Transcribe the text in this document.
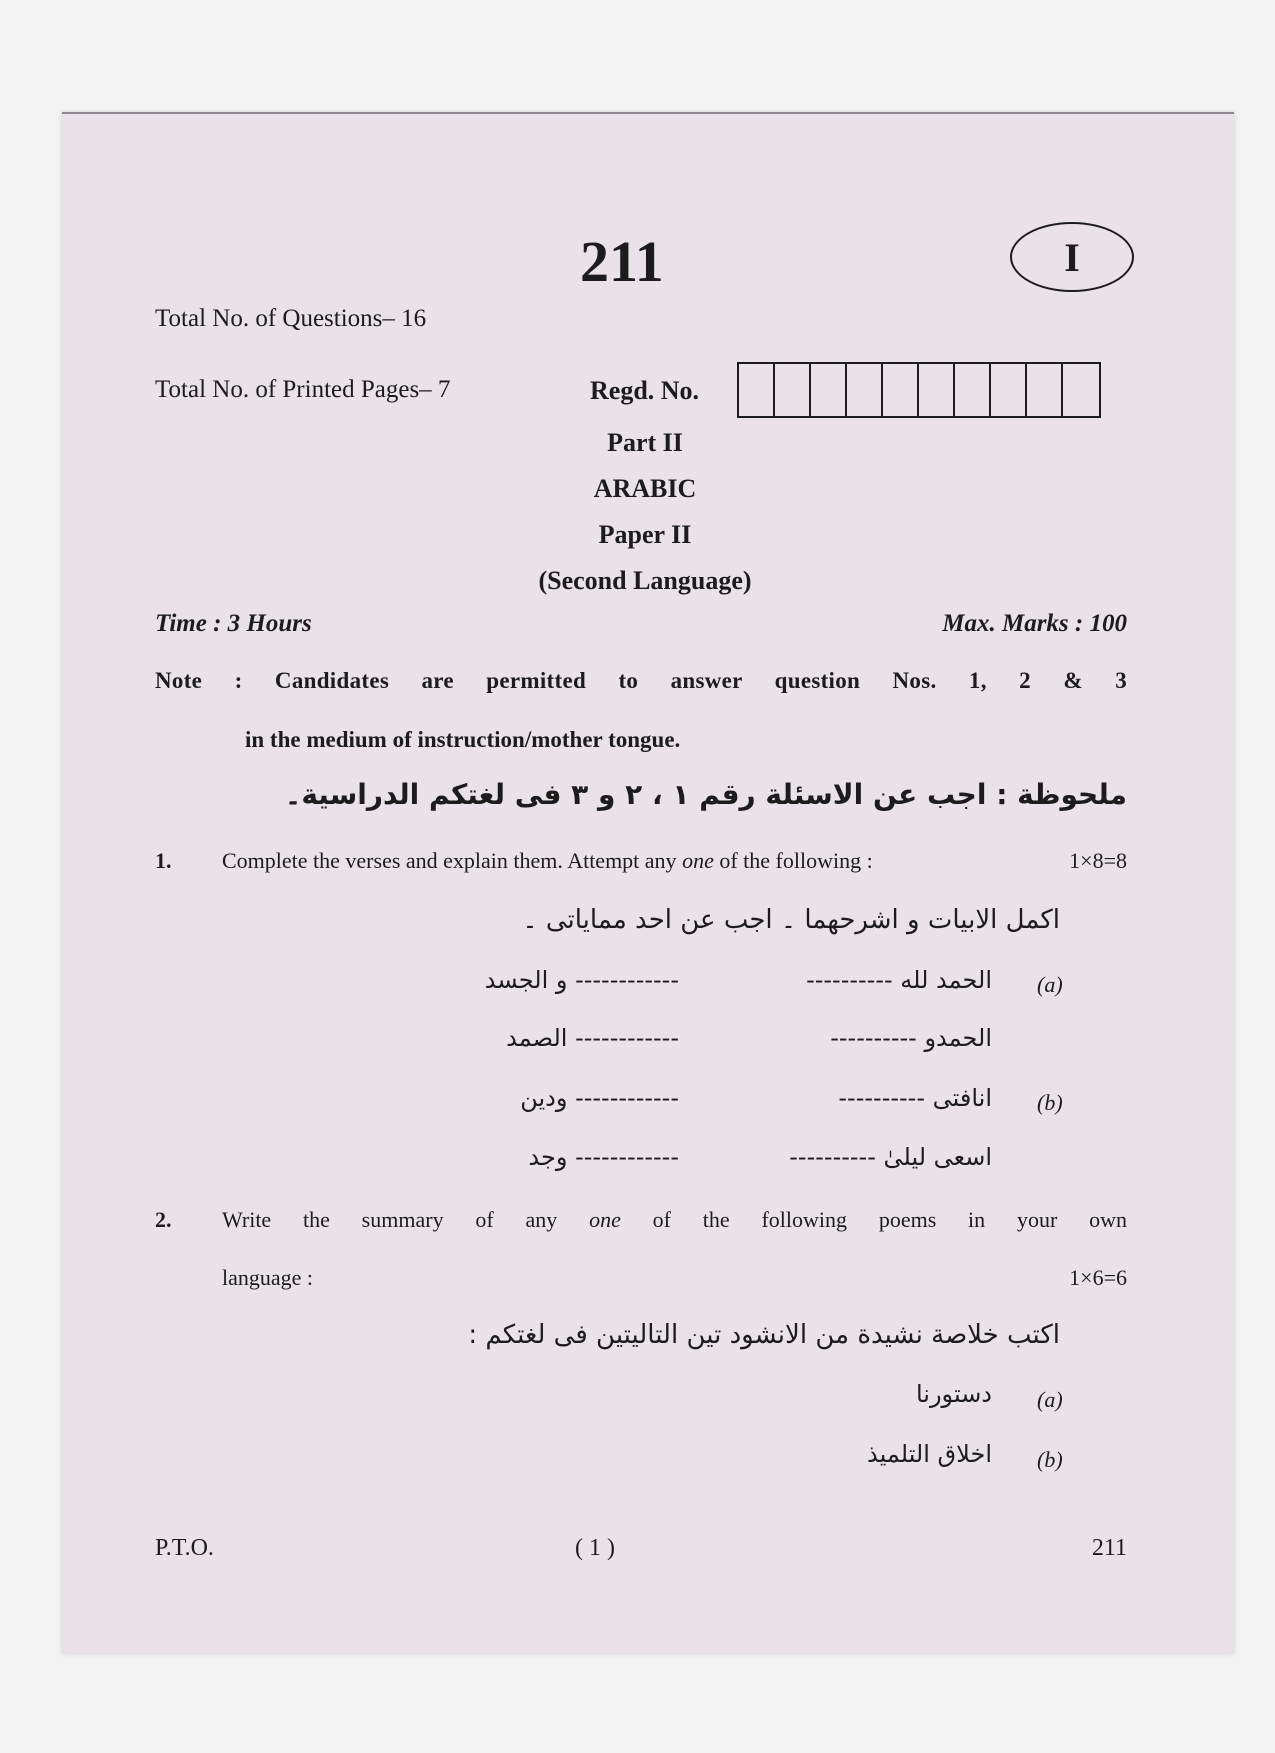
211	I
Total No. of Questions– 16
Total No. of Printed Pages– 7	Regd. No.
Part II
ARABIC
Paper II
(Second Language)
Time : 3 Hours	Max. Marks : 100
Note : Candidates are permitted to answer question Nos. 1, 2 & 3
in the medium of instruction/mother tongue.
ملحوظة : اجب عن الاسئلة رقم ۱ ، ۲ و ۳ فی لغتکم الدراسیة۔
1. Complete the verses and explain them. Attempt any one of the following :	1×8=8
اکمل الابیات و اشرحهما ۔ اجب عن احد ممایاتی ۔
(a)
الحمد لله ----------
------------ و الجسد
الحمدو ----------
------------ الصمد
(b)
انافتی ----------
------------ ودین
اسعی لیلیٰ ----------
------------ وجد
2. Write the summary of any one of the following poems in your own
language :	1×6=6
اکتب خلاصة نشیدة من الانشود تین التالیتین فی لغتکم :
(a)
دستورنا
(b)
اخلاق التلمیذ
P.T.O.	( 1 )	211
